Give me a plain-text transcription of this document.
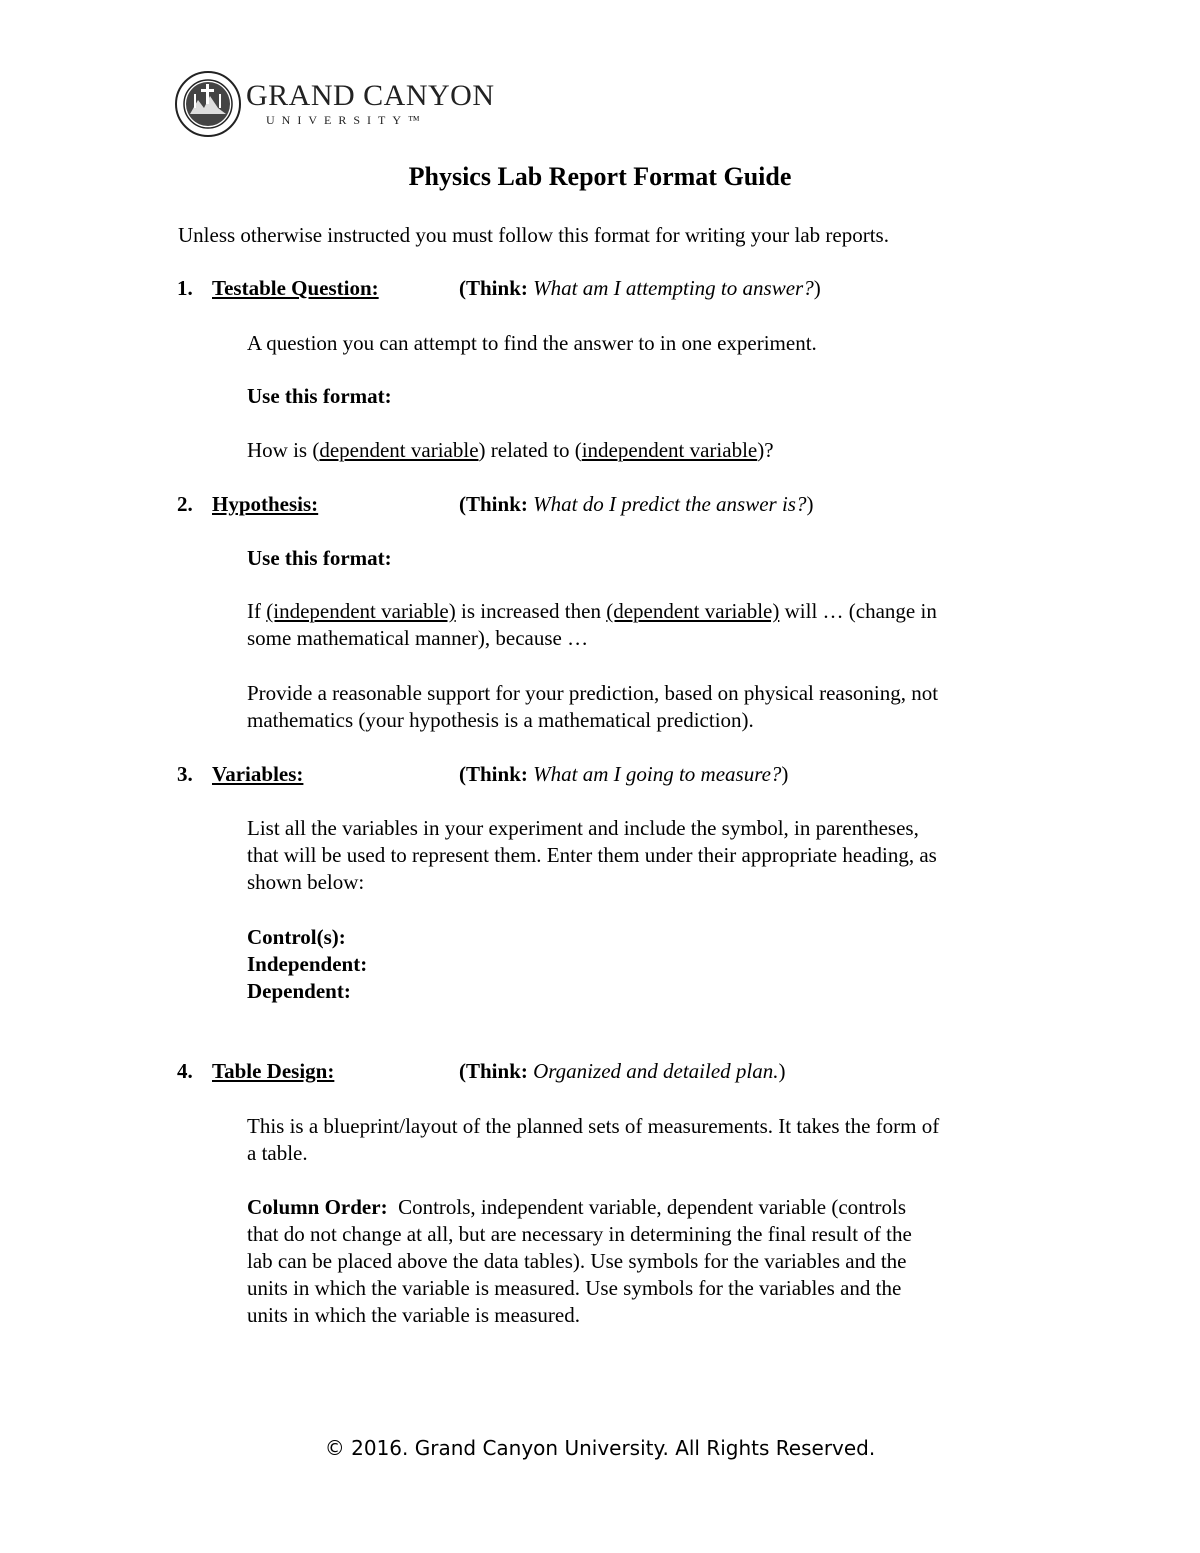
GRAND CANYON
UNIVERSITY™
Physics Lab Report Format Guide
Unless otherwise instructed you must follow this format for writing your lab reports.
1. Testable Question:	(Think: What am I attempting to answer?)
A question you can attempt to find the answer to in one experiment.
Use this format:
How is (dependent variable) related to (independent variable)?
2. Hypothesis:	(Think: What do I predict the answer is?)
Use this format:
If (independent variable) is increased then (dependent variable) will … (change in
some mathematical manner), because …
Provide a reasonable support for your prediction, based on physical reasoning, not
mathematics (your hypothesis is a mathematical prediction).
3. Variables:	(Think: What am I going to measure?)
List all the variables in your experiment and include the symbol, in parentheses,
that will be used to represent them. Enter them under their appropriate heading, as
shown below:
Control(s):
Independent:
Dependent:
4. Table Design:	(Think: Organized and detailed plan.)
This is a blueprint/layout of the planned sets of measurements. It takes the form of
a table.
Column Order:  Controls, independent variable, dependent variable (controls
that do not change at all, but are necessary in determining the final result of the
lab can be placed above the data tables). Use symbols for the variables and the
units in which the variable is measured. Use symbols for the variables and the
units in which the variable is measured.
© 2016. Grand Canyon University. All Rights Reserved.
